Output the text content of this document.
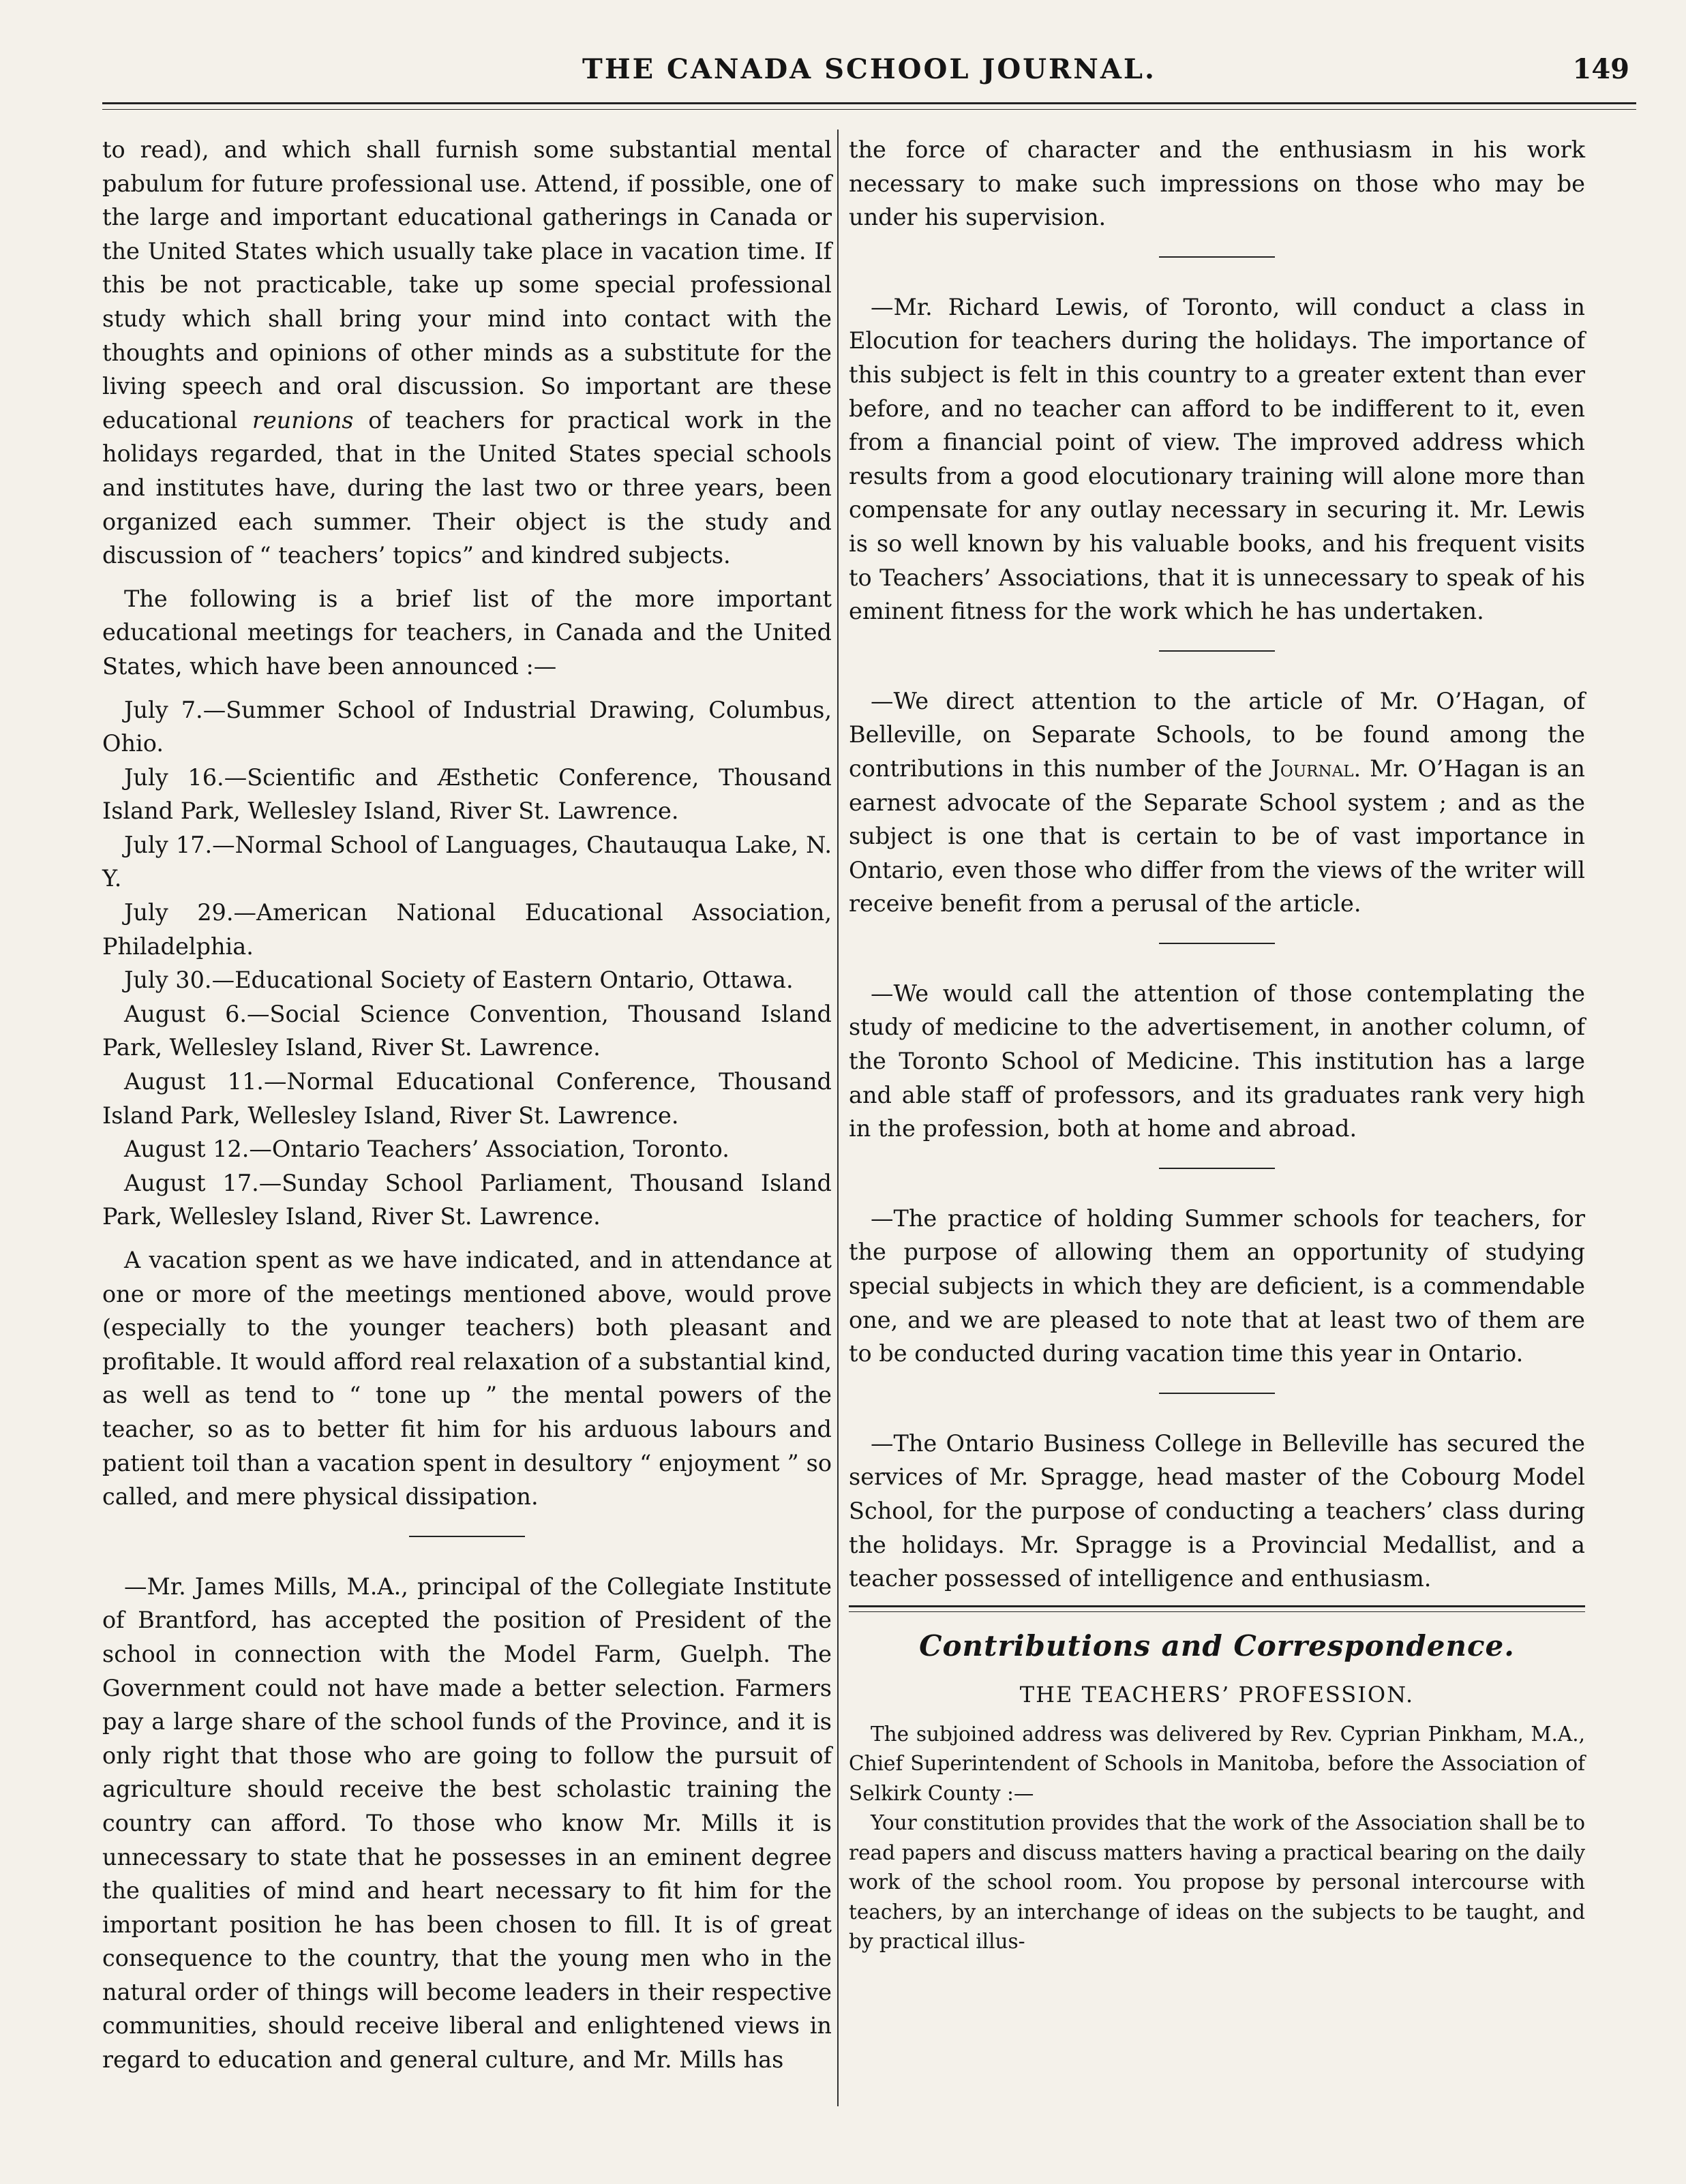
THE CANADA SCHOOL JOURNAL.	149

to read), and which shall furnish some substantial mental pabulum for future professional use. Attend, if possible, one of the large and important educational gatherings in Canada or the United States which usually take place in vacation time. If this be not practicable, take up some special professional study which shall bring your mind into contact with the thoughts and opinions of other minds as a substitute for the living speech and oral discussion. So important are these educational reunions of teachers for practical work in the holidays regarded, that in the United States special schools and institutes have, during the last two or three years, been organized each summer. Their object is the study and discussion of “ teachers’ topics” and kindred subjects.

The following is a brief list of the more important educational meetings for teachers, in Canada and the United States, which have been announced :—

July 7.—Summer School of Industrial Drawing, Columbus, Ohio.

July 16.—Scientific and Æsthetic Conference, Thousand Island Park, Wellesley Island, River St. Lawrence.

July 17.—Normal School of Languages, Chautauqua Lake, N. Y.

July 29.—American National Educational Association, Philadelphia.

July 30.—Educational Society of Eastern Ontario, Ottawa.

August 6.—Social Science Convention, Thousand Island Park, Wellesley Island, River St. Lawrence.

August 11.—Normal Educational Conference, Thousand Island Park, Wellesley Island, River St. Lawrence.

August 12.—Ontario Teachers’ Association, Toronto.

August 17.—Sunday School Parliament, Thousand Island Park, Wellesley Island, River St. Lawrence.

A vacation spent as we have indicated, and in attendance at one or more of the meetings mentioned above, would prove (especially to the younger teachers) both pleasant and profitable. It would afford real relaxation of a substantial kind, as well as tend to “ tone up ” the mental powers of the teacher, so as to better fit him for his arduous labours and patient toil than a vacation spent in desultory “ enjoyment ” so called, and mere physical dissipation.

—Mr. James Mills, M.A., principal of the Collegiate Institute of Brantford, has accepted the position of President of the school in connection with the Model Farm, Guelph. The Government could not have made a better selection. Farmers pay a large share of the school funds of the Province, and it is only right that those who are going to follow the pursuit of agriculture should receive the best scholastic training the country can afford. To those who know Mr. Mills it is unnecessary to state that he possesses in an eminent degree the qualities of mind and heart necessary to fit him for the important position he has been chosen to fill. It is of great consequence to the country, that the young men who in the natural order of things will become leaders in their respective communities, should receive liberal and enlightened views in regard to education and general culture, and Mr. Mills has

the force of character and the enthusiasm in his work necessary to make such impressions on those who may be under his supervision.

—Mr. Richard Lewis, of Toronto, will conduct a class in Elocution for teachers during the holidays. The importance of this subject is felt in this country to a greater extent than ever before, and no teacher can afford to be indifferent to it, even from a financial point of view. The improved address which results from a good elocutionary training will alone more than compensate for any outlay necessary in securing it. Mr. Lewis is so well known by his valuable books, and his frequent visits to Teachers’ Associations, that it is unnecessary to speak of his eminent fitness for the work which he has undertaken.

—We direct attention to the article of Mr. O’Hagan, of Belleville, on Separate Schools, to be found among the contributions in this number of the Journal. Mr. O’Hagan is an earnest advocate of the Separate School system ; and as the subject is one that is certain to be of vast importance in Ontario, even those who differ from the views of the writer will receive benefit from a perusal of the article.

—We would call the attention of those contemplating the study of medicine to the advertisement, in another column, of the Toronto School of Medicine. This institution has a large and able staff of professors, and its graduates rank very high in the profession, both at home and abroad.

—The practice of holding Summer schools for teachers, for the purpose of allowing them an opportunity of studying special subjects in which they are deficient, is a commendable one, and we are pleased to note that at least two of them are to be conducted during vacation time this year in Ontario.

—The Ontario Business College in Belleville has secured the services of Mr. Spragge, head master of the Cobourg Model School, for the purpose of conducting a teachers’ class during the holidays. Mr. Spragge is a Provincial Medallist, and a teacher possessed of intelligence and enthusiasm.

Contributions and Correspondence.
THE TEACHERS’ PROFESSION.

The subjoined address was delivered by Rev. Cyprian Pinkham, M.A., Chief Superintendent of Schools in Manitoba, before the Association of Selkirk County :—

Your constitution provides that the work of the Association shall be to read papers and discuss matters having a practical bearing on the daily work of the school room. You propose by personal intercourse with teachers, by an interchange of ideas on the subjects to be taught, and by practical illus-
